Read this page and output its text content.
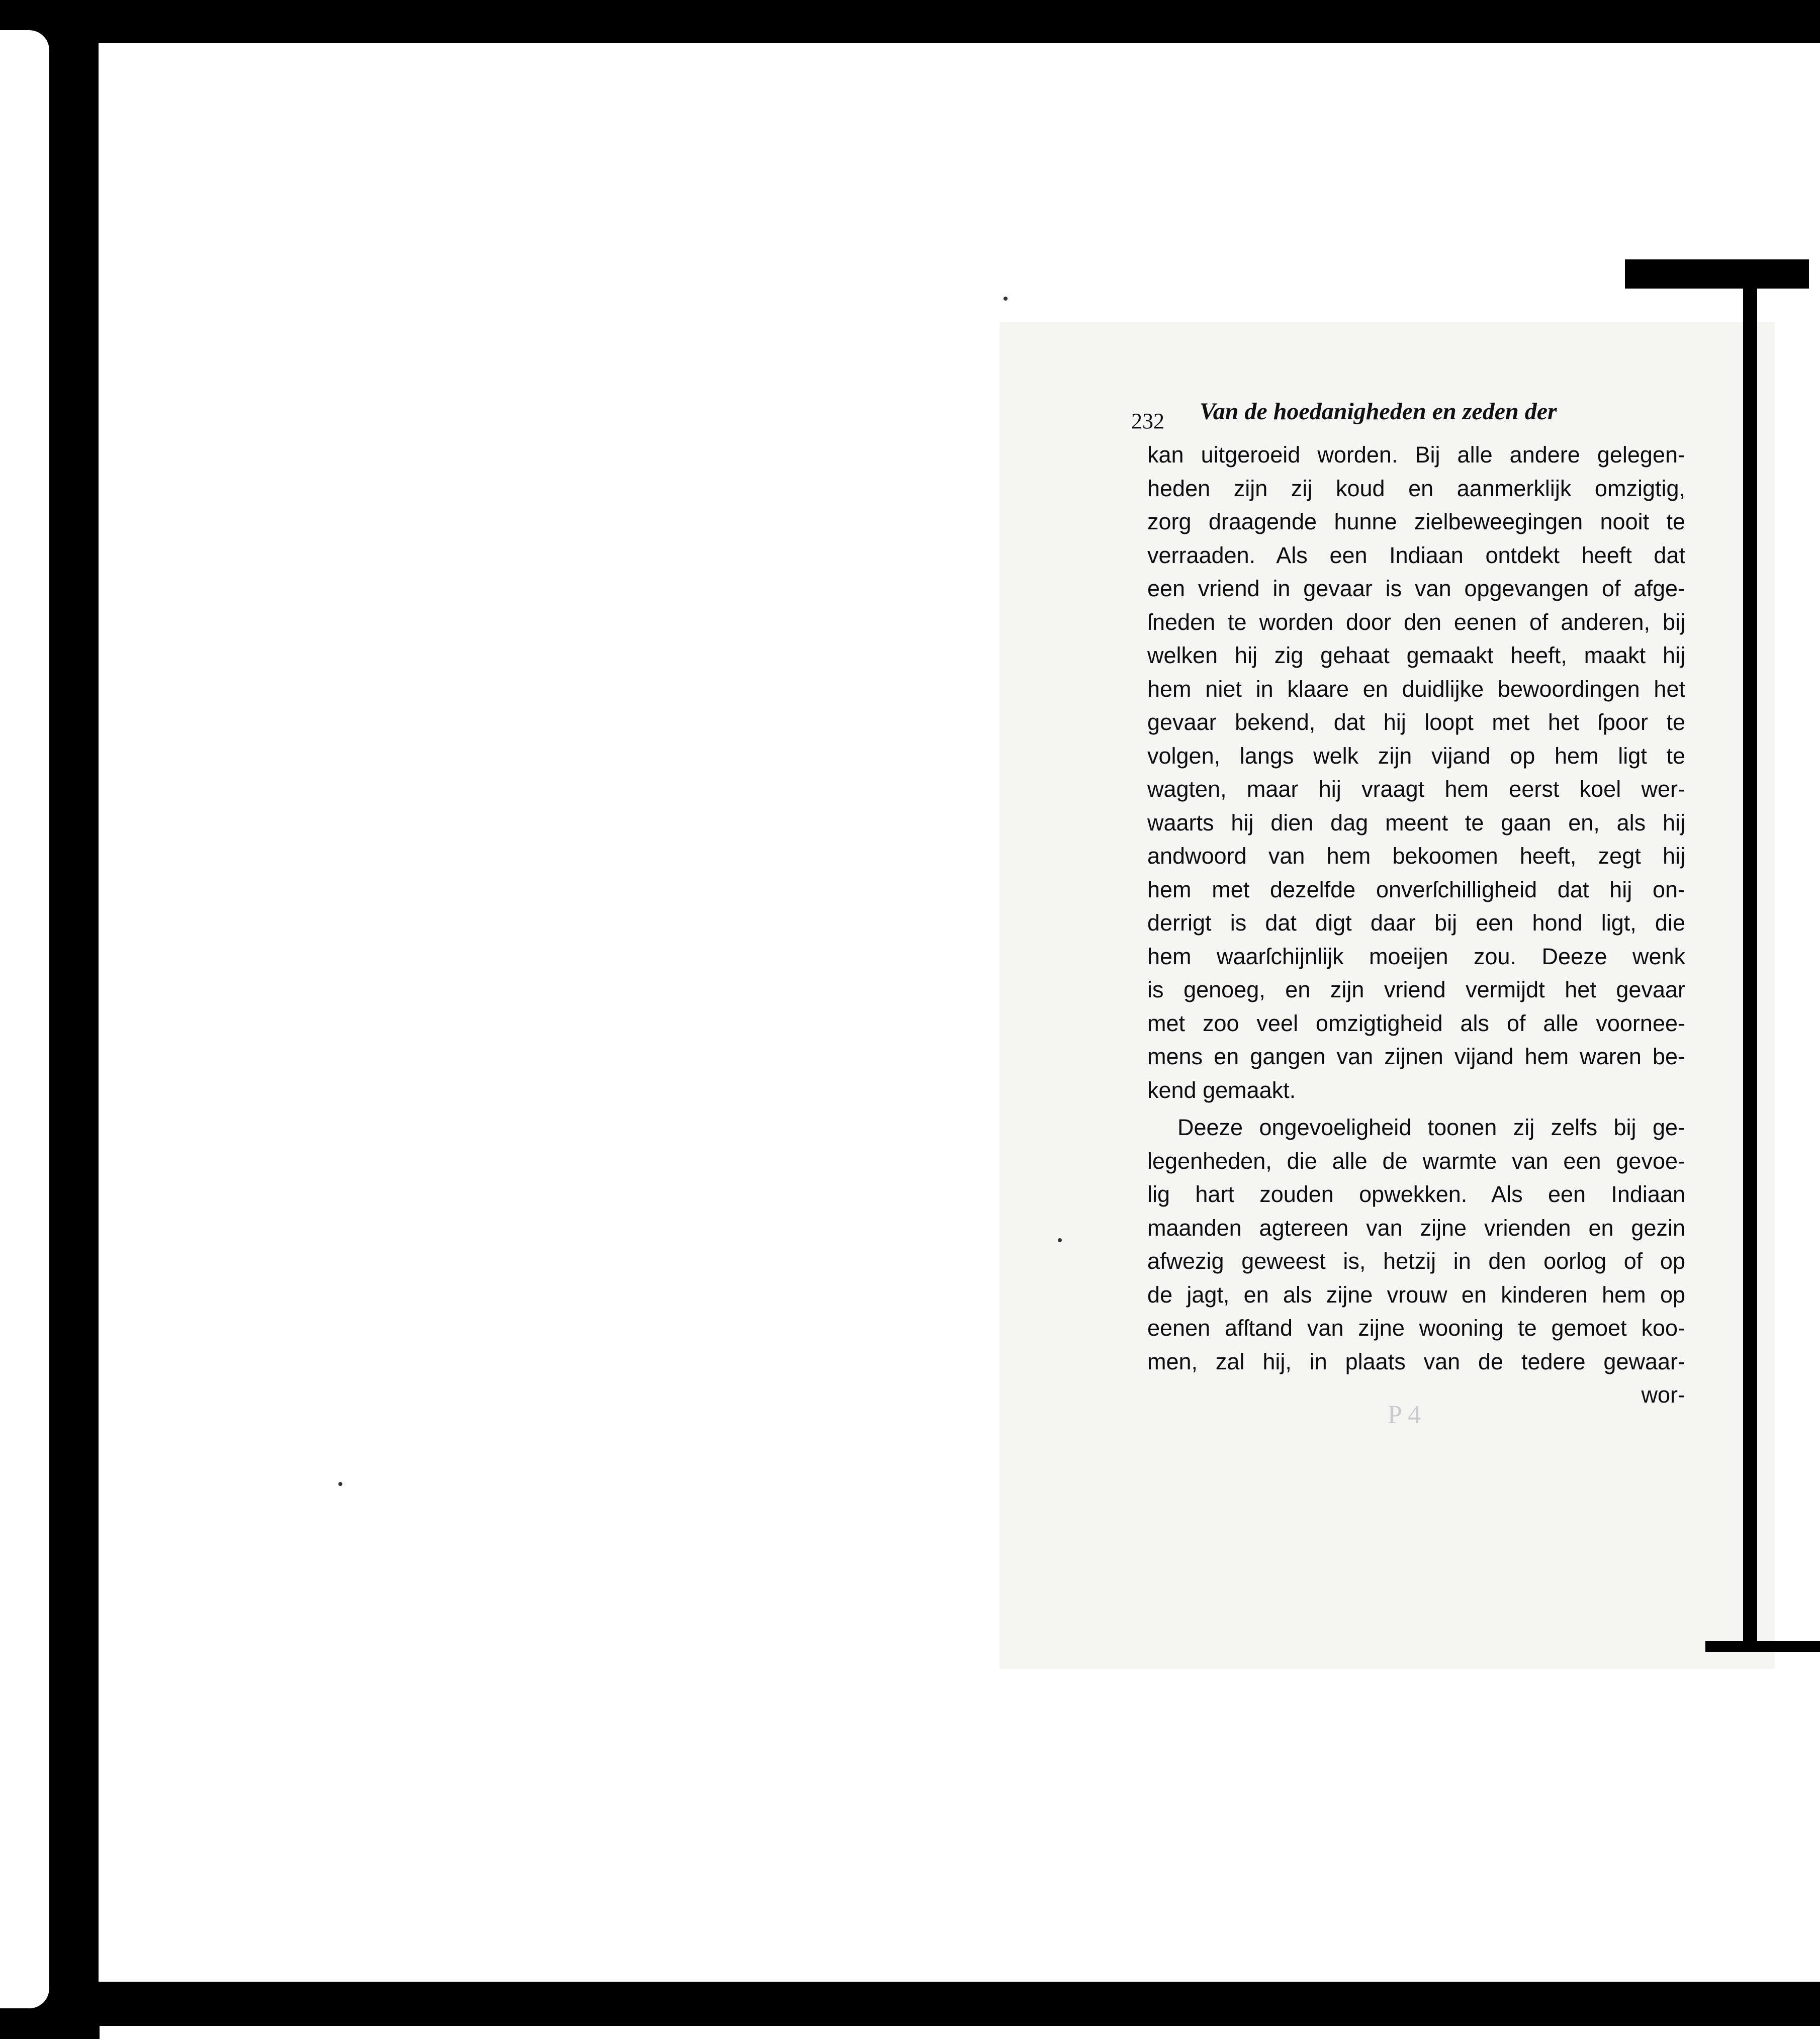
232	Van de hoedanigheden en zeden der
kan uitgeroeid worden. Bij alle andere gelegen-
heden zijn zij koud en aanmerklijk omzigtig,
zorg draagende hunne zielbeweegingen nooit te
verraaden. Als een Indiaan ontdekt heeft dat
een vriend in gevaar is van opgevangen of afge-
ſneden te worden door den eenen of anderen, bij
welken hij zig gehaat gemaakt heeft, maakt hij
hem niet in klaare en duidlijke bewoordingen het
gevaar bekend, dat hij loopt met het ſpoor te
volgen, langs welk zijn vijand op hem ligt te
wagten, maar hij vraagt hem eerst koel wer-
waarts hij dien dag meent te gaan en, als hij
andwoord van hem bekoomen heeft, zegt hij
hem met dezelfde onverſchilligheid dat hij on-
derrigt is dat digt daar bij een hond ligt, die
hem waarſchijnlijk moeijen zou. Deeze wenk
is genoeg, en zijn vriend vermijdt het gevaar
met zoo veel omzigtigheid als of alle voornee-
mens en gangen van zijnen vijand hem waren be-
kend gemaakt.
Deeze ongevoeligheid toonen zij zelfs bij ge-
legenheden, die alle de warmte van een gevoe-
lig hart zouden opwekken. Als een Indiaan
maanden agtereen van zijne vrienden en gezin
afwezig geweest is, hetzij in den oorlog of op
de jagt, en als zijne vrouw en kinderen hem op
eenen afſtand van zijne wooning te gemoet koo-
men, zal hij, in plaats van de tedere gewaar-
wor-
P 4
